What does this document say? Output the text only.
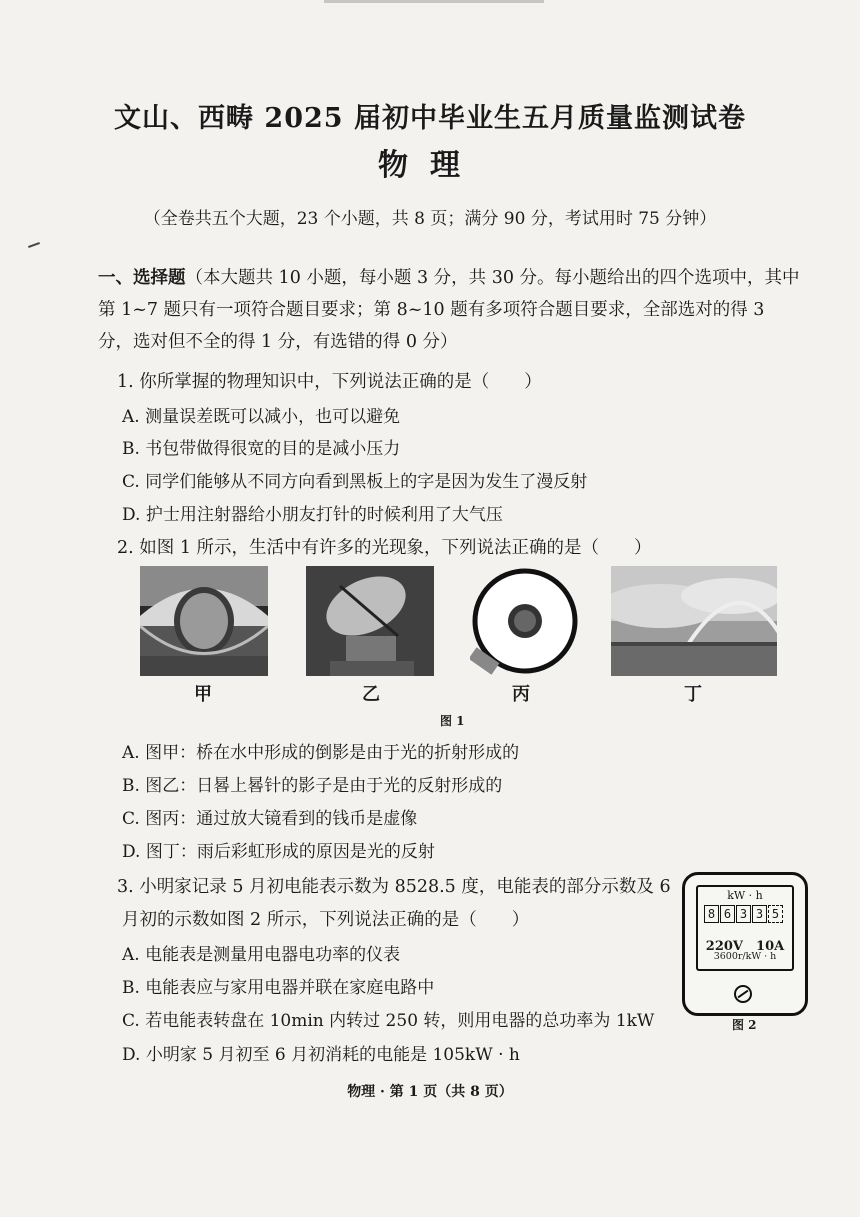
文山、西畴 2025 届初中毕业生五月质量监测试卷
物理
（全卷共五个大题，23 个小题，共 8 页；满分 90 分，考试用时 75 分钟）
一、选择题（本大题共 10 小题，每小题 3 分，共 30 分。每小题给出的四个选项中，其中第 1~7 题只有一项符合题目要求；第 8~10 题有多项符合题目要求，全部选对的得 3 分，选对但不全的得 1 分，有选错的得 0 分）
1. 你所掌握的物理知识中，下列说法正确的是（　　）
A. 测量误差既可以减小，也可以避免
B. 书包带做得很宽的目的是减小压力
C. 同学们能够从不同方向看到黑板上的字是因为发生了漫反射
D. 护士用注射器给小朋友打针的时候利用了大气压
2. 如图 1 所示，生活中有许多的光现象，下列说法正确的是（　　）
甲	乙	丙	丁
图 1
A. 图甲：桥在水中形成的倒影是由于光的折射形成的
B. 图乙：日晷上晷针的影子是由于光的反射形成的
C. 图丙：通过放大镜看到的钱币是虚像
D. 图丁：雨后彩虹形成的原因是光的反射
3. 小明家记录 5 月初电能表示数为 8528.5 度，电能表的部分示数及 6
月初的示数如图 2 所示，下列说法正确的是（　　）
A. 电能表是测量用电器电功率的仪表
B. 电能表应与家用电器并联在家庭电路中
C. 若电能表转盘在 10min 内转过 250 转，则用电器的总功率为 1kW
D. 小明家 5 月初至 6 月初消耗的电能是 105kW · h
kW · h
8 6 3 3 5
220V　10A
3600r/kW · h
图 2
物理 · 第 1 页（共 8 页）
